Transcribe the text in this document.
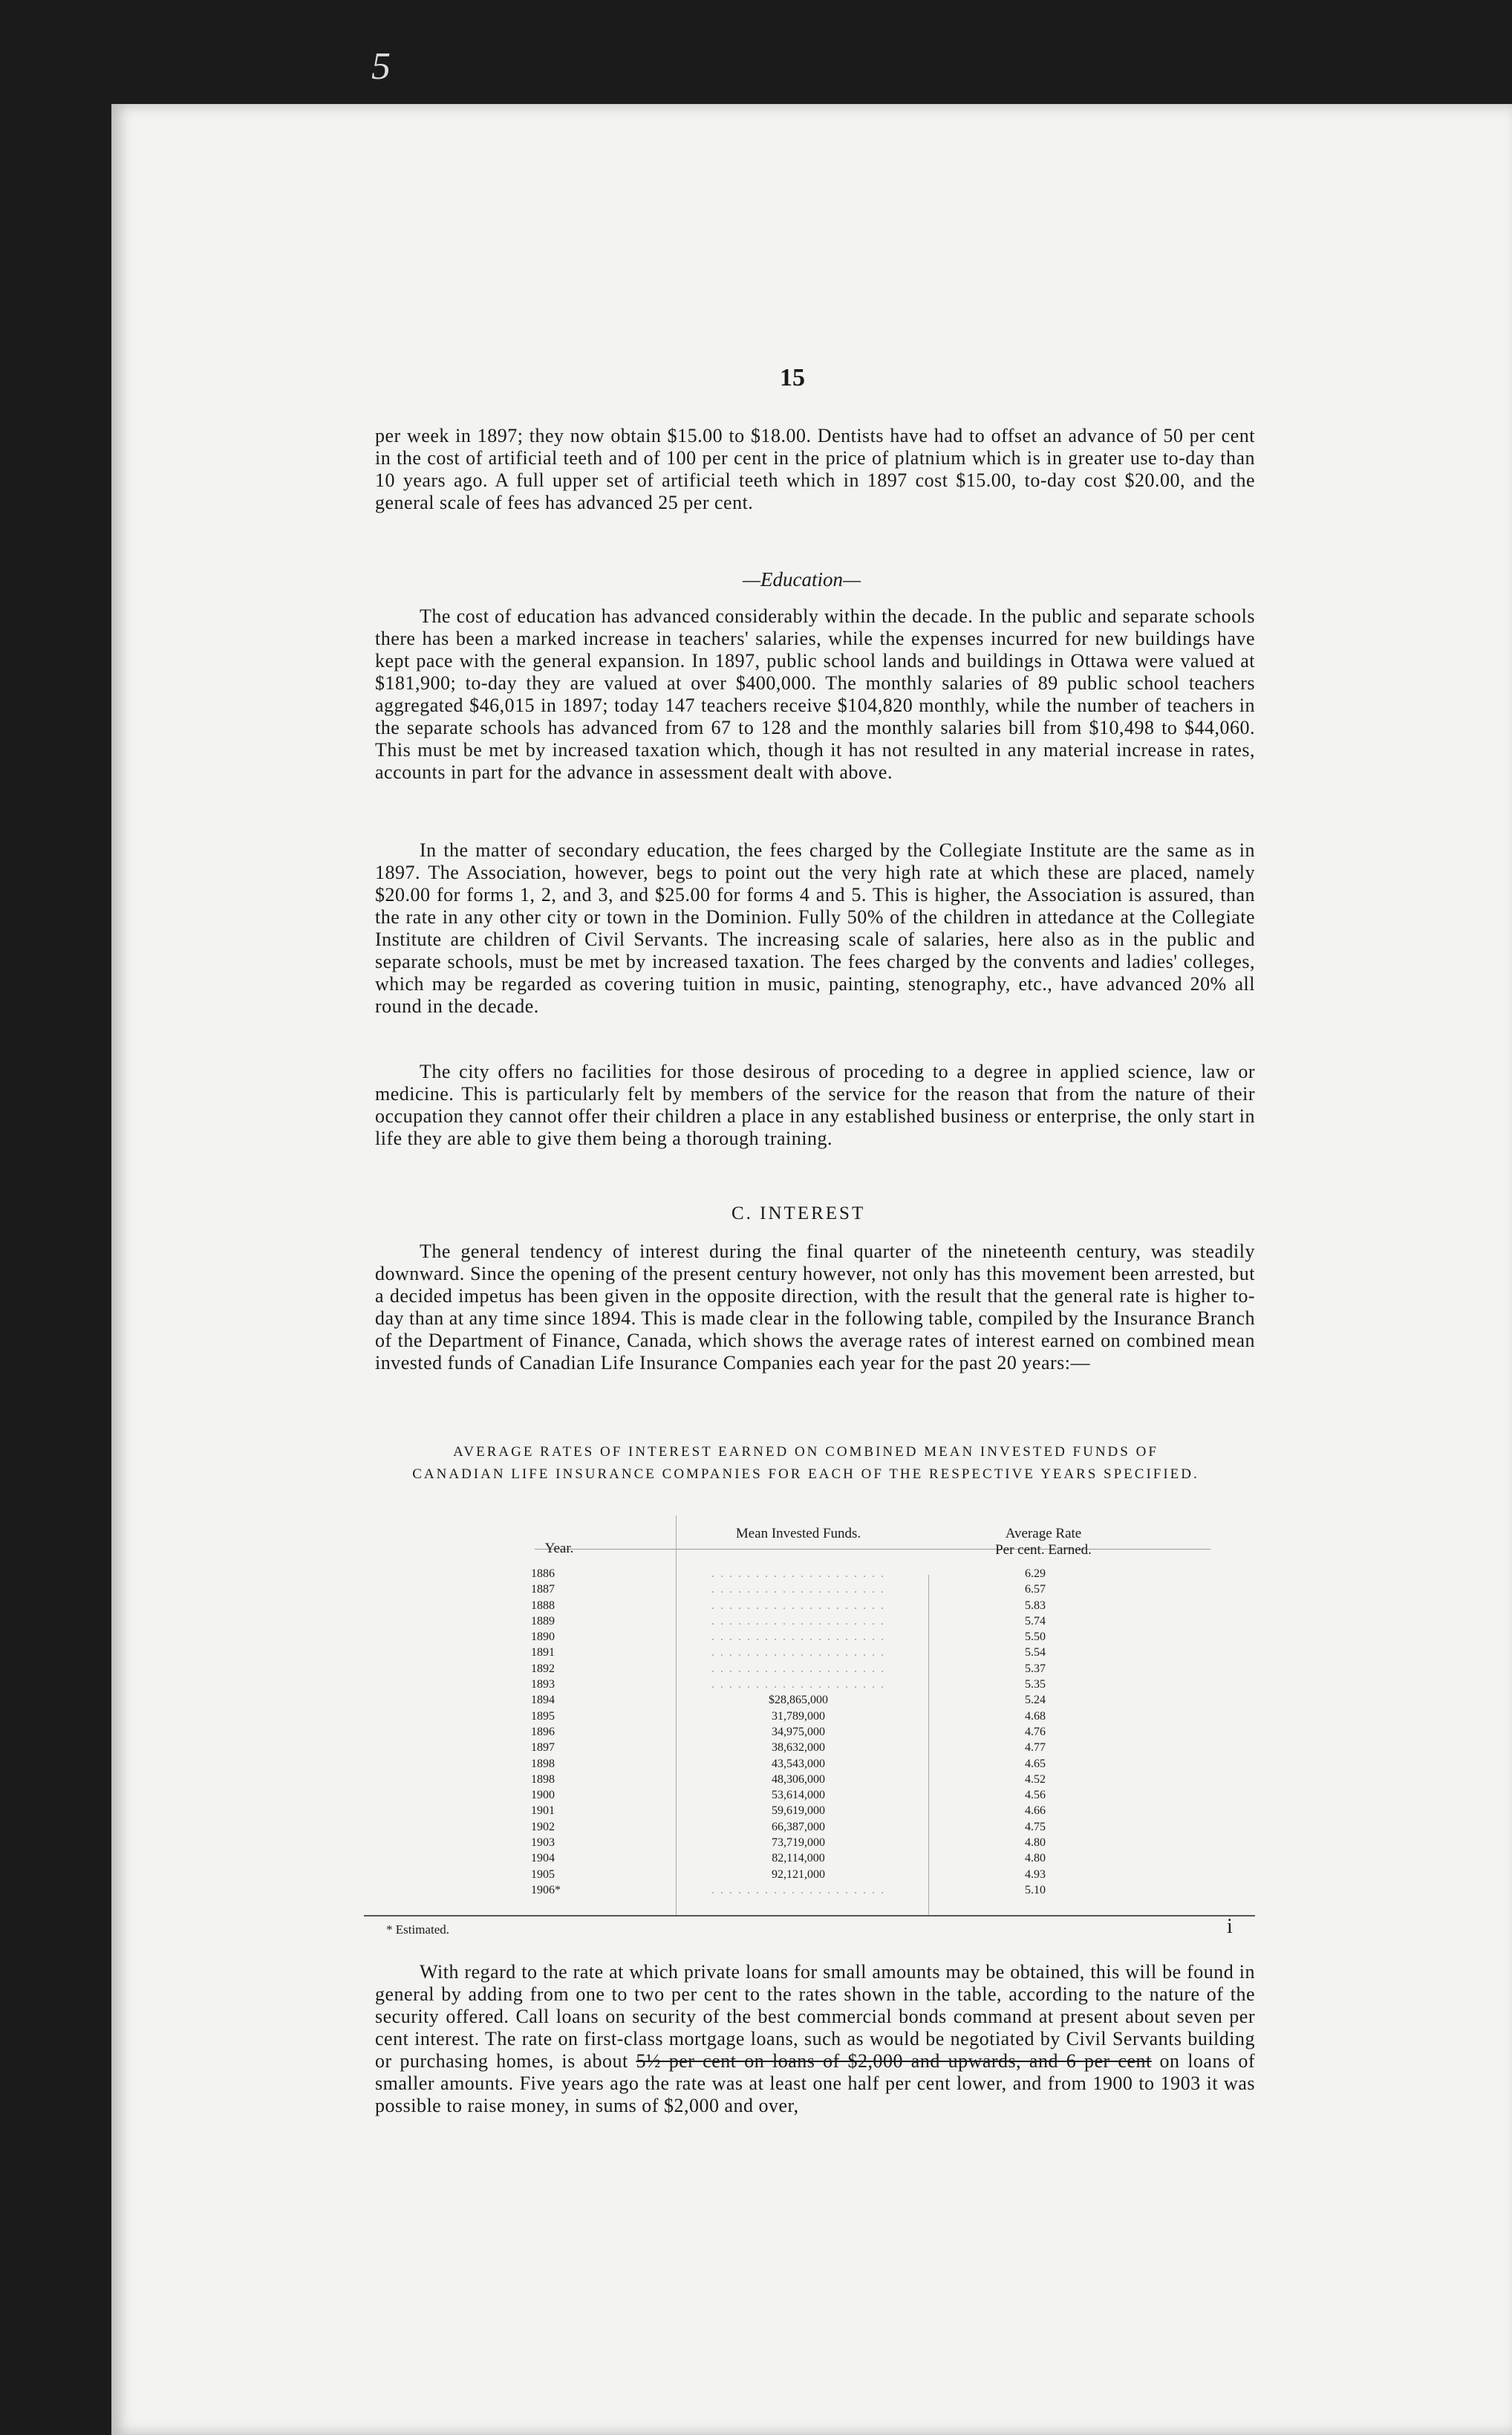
5
15

per week in 1897; they now obtain $15.00 to $18.00. Dentists have had to offset an advance of 50 per cent in the cost of artificial teeth and of 100 per cent in the price of platnium which is in greater use to-day than 10 years ago. A full upper set of artificial teeth which in 1897 cost $15.00, to-day cost $20.00, and the general scale of fees has advanced 25 per cent.

—Education—

The cost of education has advanced considerably within the decade. In the public and separate schools there has been a marked increase in teachers' salaries, while the expenses incurred for new buildings have kept pace with the general expansion. In 1897, public school lands and buildings in Ottawa were valued at $181,900; to-day they are valued at over $400,000. The monthly salaries of 89 public school teachers aggregated $46,015 in 1897; today 147 teachers receive $104,820 monthly, while the number of teachers in the separate schools has advanced from 67 to 128 and the monthly salaries bill from $10,498 to $44,060. This must be met by increased taxation which, though it has not resulted in any material increase in rates, accounts in part for the advance in assessment dealt with above.

In the matter of secondary education, the fees charged by the Collegiate Institute are the same as in 1897. The Association, however, begs to point out the very high rate at which these are placed, namely $20.00 for forms 1, 2, and 3, and $25.00 for forms 4 and 5. This is higher, the Association is assured, than the rate in any other city or town in the Dominion. Fully 50% of the children in attedance at the Collegiate Institute are children of Civil Servants. The increasing scale of salaries, here also as in the public and separate schools, must be met by increased taxation. The fees charged by the convents and ladies' colleges, which may be regarded as covering tuition in music, painting, stenography, etc., have advanced 20% all round in the decade.

The city offers no facilities for those desirous of proceding to a degree in applied science, law or medicine. This is particularly felt by members of the service for the reason that from the nature of their occupation they cannot offer their children a place in any established business or enterprise, the only start in life they are able to give them being a thorough training.

C. INTEREST

The general tendency of interest during the final quarter of the nineteenth century, was steadily downward. Since the opening of the present century however, not only has this movement been arrested, but a decided impetus has been given in the opposite direction, with the result that the general rate is higher to-day than at any time since 1894. This is made clear in the following table, compiled by the Insurance Branch of the Department of Finance, Canada, which shows the average rates of interest earned on combined mean invested funds of Canadian Life Insurance Companies each year for the past 20 years:—

AVERAGE RATES OF INTEREST EARNED ON COMBINED MEAN INVESTED FUNDS OF
CANADIAN LIFE INSURANCE COMPANIES FOR EACH OF THE RESPECTIVE YEARS SPECIFIED.
Year.
Mean Invested Funds.	Average Rate
Per cent. Earned.
1886
1887
1888
1889
1890
1891
1892
1893
1894
1895
1896
1897
1898
1898
1900
1901
1902
1903
1904
1905
1906*
. . . . . . . . . . . . . . . . . . . .
. . . . . . . . . . . . . . . . . . . .
. . . . . . . . . . . . . . . . . . . .
. . . . . . . . . . . . . . . . . . . .
. . . . . . . . . . . . . . . . . . . .
. . . . . . . . . . . . . . . . . . . .
. . . . . . . . . . . . . . . . . . . .
. . . . . . . . . . . . . . . . . . . .
$28,865,000
31,789,000
34,975,000
38,632,000
43,543,000
48,306,000
53,614,000
59,619,000
66,387,000
73,719,000
82,114,000
92,121,000
. . . . . . . . . . . . . . . . . . . .
6.29
6.57
5.83
5.74
5.50
5.54
5.37
5.35
5.24
4.68
4.76
4.77
4.65
4.52
4.56
4.66
4.75
4.80
4.80
4.93
5.10
* Estimated.	i

With regard to the rate at which private loans for small amounts may be obtained, this will be found in general by adding from one to two per cent to the rates shown in the table, according to the nature of the security offered. Call loans on security of the best commercial bonds command at present about seven per cent interest. The rate on first-class mortgage loans, such as would be negotiated by Civil Servants building or purchasing homes, is about 5½ per cent on loans of $2,000 and upwards, and 6 per cent on loans of smaller amounts. Five years ago the rate was at least one half per cent lower, and from 1900 to 1903 it was possible to raise money, in sums of $2,000 and over,
